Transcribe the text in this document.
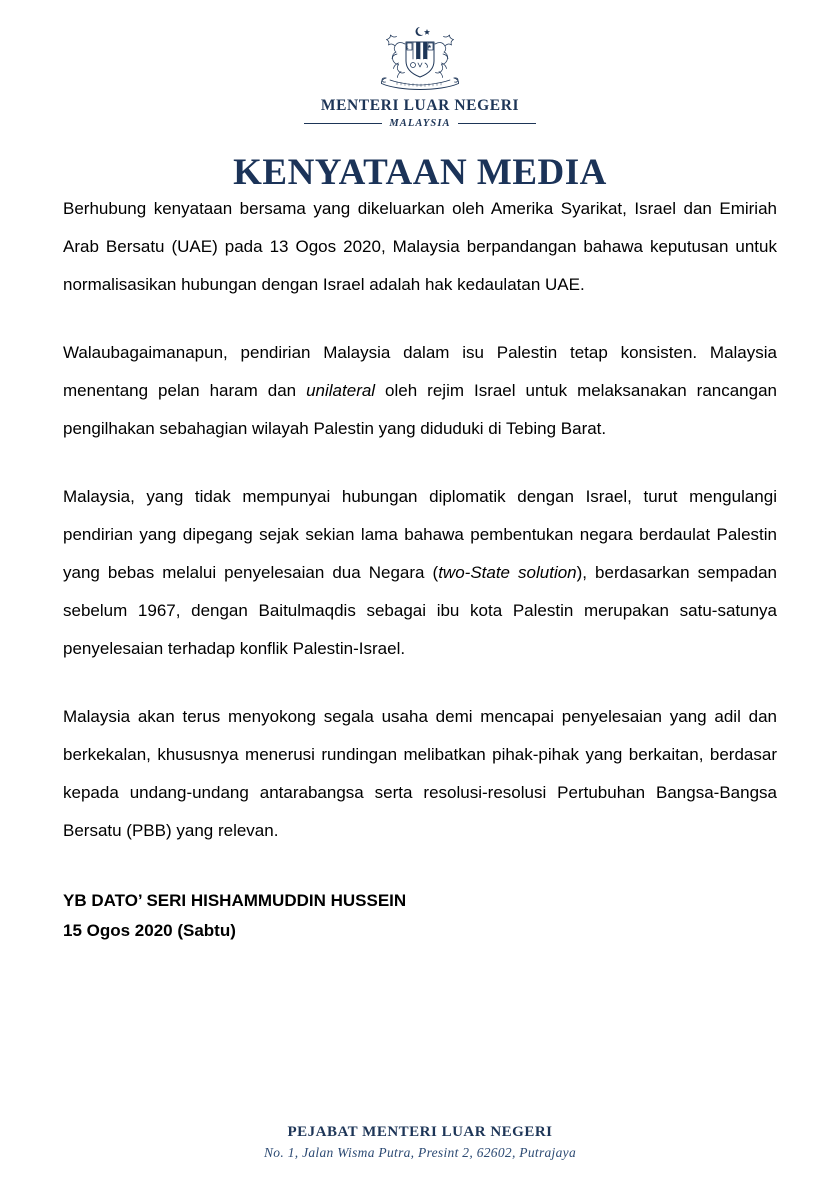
MENTERI LUAR NEGERI
MALAYSIA
KENYATAAN MEDIA

Berhubung kenyataan bersama yang dikeluarkan oleh Amerika Syarikat, Israel dan Emiriah Arab Bersatu (UAE) pada 13 Ogos 2020, Malaysia berpandangan bahawa keputusan untuk normalisasikan hubungan dengan Israel adalah hak kedaulatan UAE.

Walaubagaimanapun, pendirian Malaysia dalam isu Palestin tetap konsisten. Malaysia menentang pelan haram dan unilateral oleh rejim Israel untuk melaksanakan rancangan pengilhakan sebahagian wilayah Palestin yang diduduki di Tebing Barat.

Malaysia, yang tidak mempunyai hubungan diplomatik dengan Israel, turut mengulangi pendirian yang dipegang sejak sekian lama bahawa pembentukan negara berdaulat Palestin yang bebas melalui penyelesaian dua Negara (two-State solution), berdasarkan sempadan sebelum 1967, dengan Baitulmaqdis sebagai ibu kota Palestin merupakan satu-satunya penyelesaian terhadap konflik Palestin-Israel.

Malaysia akan terus menyokong segala usaha demi mencapai penyelesaian yang adil dan berkekalan, khususnya menerusi rundingan melibatkan pihak-pihak yang berkaitan, berdasar kepada undang-undang antarabangsa serta resolusi-resolusi Pertubuhan Bangsa-Bangsa Bersatu (PBB) yang relevan.

YB DATO’ SERI HISHAMMUDDIN HUSSEIN
15 Ogos 2020 (Sabtu)
PEJABAT MENTERI LUAR NEGERI
No. 1, Jalan Wisma Putra, Presint 2, 62602, Putrajaya
